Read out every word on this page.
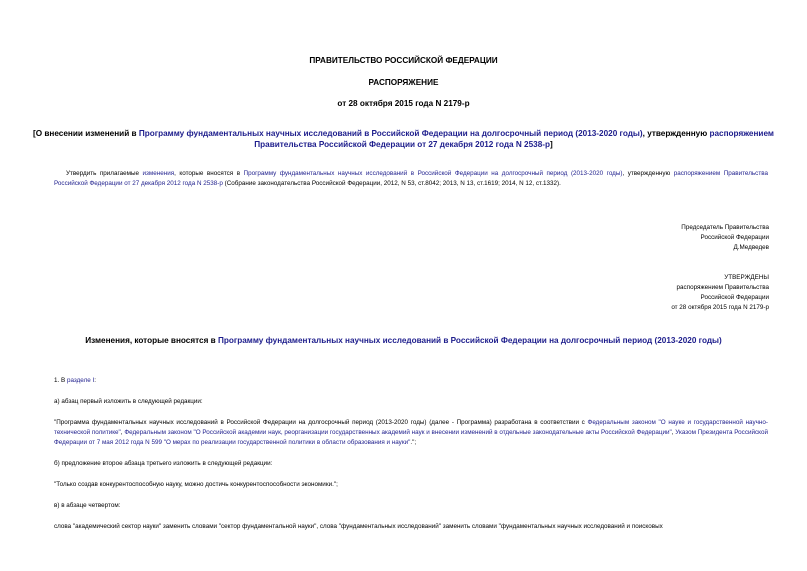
ПРАВИТЕЛЬСТВО РОССИЙСКОЙ ФЕДЕРАЦИИ
РАСПОРЯЖЕНИЕ
от 28 октября 2015 года N 2179-р
[О внесении изменений в Программу фундаментальных научных исследований в Российской Федерации на долгосрочный период (2013-2020 годы), утвержденную распоряжением Правительства Российской Федерации от 27 декабря 2012 года N 2538-р]
Утвердить прилагаемые изменения, которые вносятся в Программу фундаментальных научных исследований в Российской Федерации на долгосрочный период (2013-2020 годы), утвержденную распоряжением Правительства Российской Федерации от 27 декабря 2012 года N 2538-р (Собрание законодательства Российской Федерации, 2012, N 53, ст.8042; 2013, N 13, ст.1619; 2014, N 12, ст.1332).
Председатель Правительства
Российской Федерации
Д.Медведев
УТВЕРЖДЕНЫ
распоряжением Правительства
Российской Федерации
от 28 октября 2015 года N 2179-р
Изменения, которые вносятся в Программу фундаментальных научных исследований в Российской Федерации на долгосрочный период (2013-2020 годы)
1. В разделе I:
а) абзац первый изложить в следующей редакции:
"Программа фундаментальных научных исследований в Российской Федерации на долгосрочный период (2013-2020 годы) (далее - Программа) разработана в соответствии с Федеральным законом "О науке и государственной научно-технической политике", Федеральным законом "О Российской академии наук, реорганизации государственных академий наук и внесении изменений в отдельные законодательные акты Российской Федерации", Указом Президента Российской Федерации от 7 мая 2012 года N 599 "О мерах по реализации государственной политики в области образования и науки".";
б) предложение второе абзаца третьего изложить в следующей редакции:
"Только создав конкурентоспособную науку, можно достичь конкурентоспособности экономики.";
в) в абзаце четвертом:
слова "академический сектор науки" заменить словами "сектор фундаментальной науки", слова "фундаментальных исследований" заменить словами "фундаментальных научных исследований и поисковых
